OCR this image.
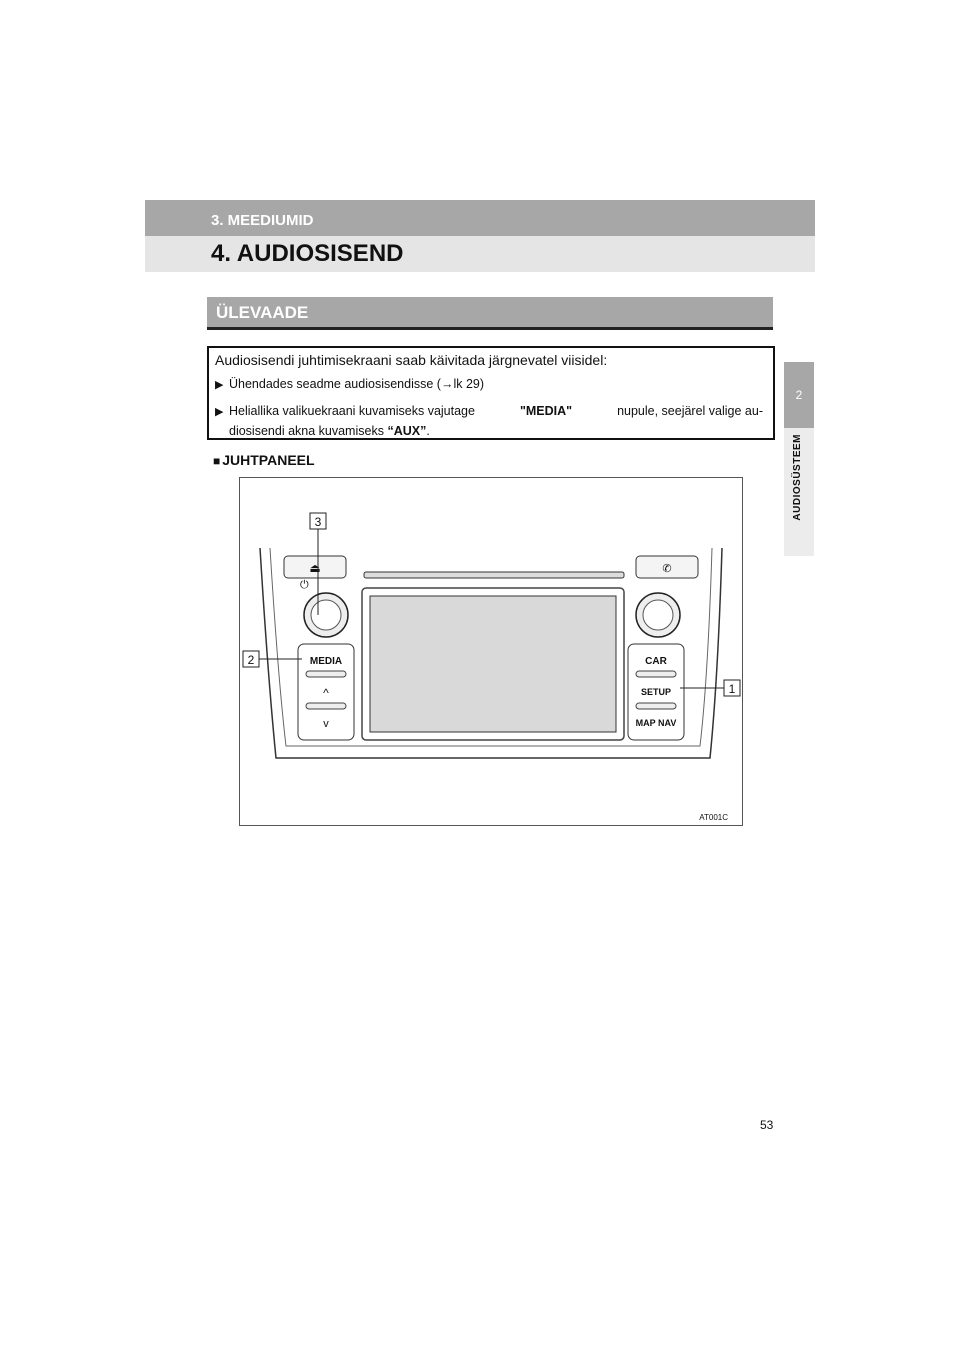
3. MEEDIUMID
4. AUDIOSISEND
2
AUDIOSÜSTEEM
ÜLEVAADE
Audiosisendi juhtimisekraani saab käivitada järgnevatel viisidel:
▶ Ühendades seadme audiosisendisse (→lk 29)
▶ Heliallika valikuekraani kuvamiseks vajutage	"MEDIA"	nupule, seejärel valige au-
diosisendi akna kuvamiseks “AUX”.
■ JUHTPANEEL
⏏	✆
⏻
MEDIA
^
v
CAR
SETUP
MAP NAV
3
2
1
AT001C
53
